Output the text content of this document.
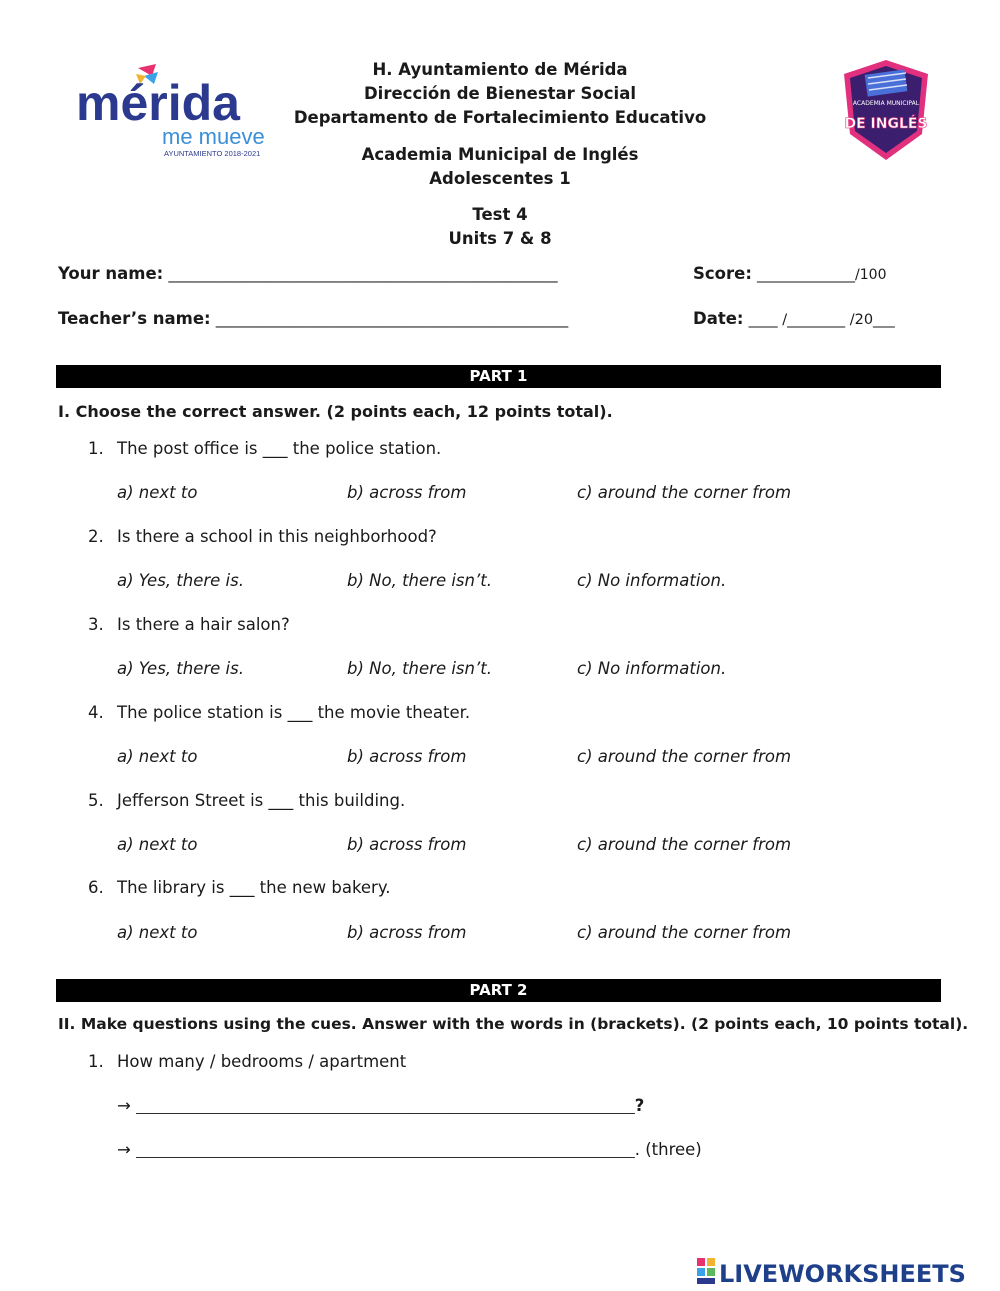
mérida
me mueve
AYUNTAMIENTO 2018-2021
ACADEMIA MUNICIPAL
DE INGLÉS
H. Ayuntamiento de Mérida
Dirección de Bienestar Social
Departamento de Fortalecimiento Educativo
Academia Municipal de Inglés
Adolescentes 1
Test 4
Units 7 & 8
Your name: _____________________________________________________	Score: ______________/100
Teacher’s name: ________________________________________________	Date: ____ /________ /20___
PART 1
I. Choose the correct answer. (2 points each, 12 points total).
1. The post office is ___ the police station.
a) next to	b) across from	c) around the corner from
2. Is there a school in this neighborhood?
a) Yes, there is.	b) No, there isn’t.	c) No information.
3. Is there a hair salon?
a) Yes, there is.	b) No, there isn’t.	c) No information.
4. The police station is ___ the movie theater.
a) next to	b) across from	c) around the corner from
5. Jefferson Street is ___ this building.
a) next to	b) across from	c) around the corner from
6. The library is ___ the new bakery.
a) next to	b) across from	c) around the corner from
PART 2
II. Make questions using the cues. Answer with the words in (brackets). (2 points each, 10 points total).
1. How many / bedrooms / apartment
→ ___________________________________________________________________________?
→ ___________________________________________________________________________. (three)
LIVEWORKSHEETS
